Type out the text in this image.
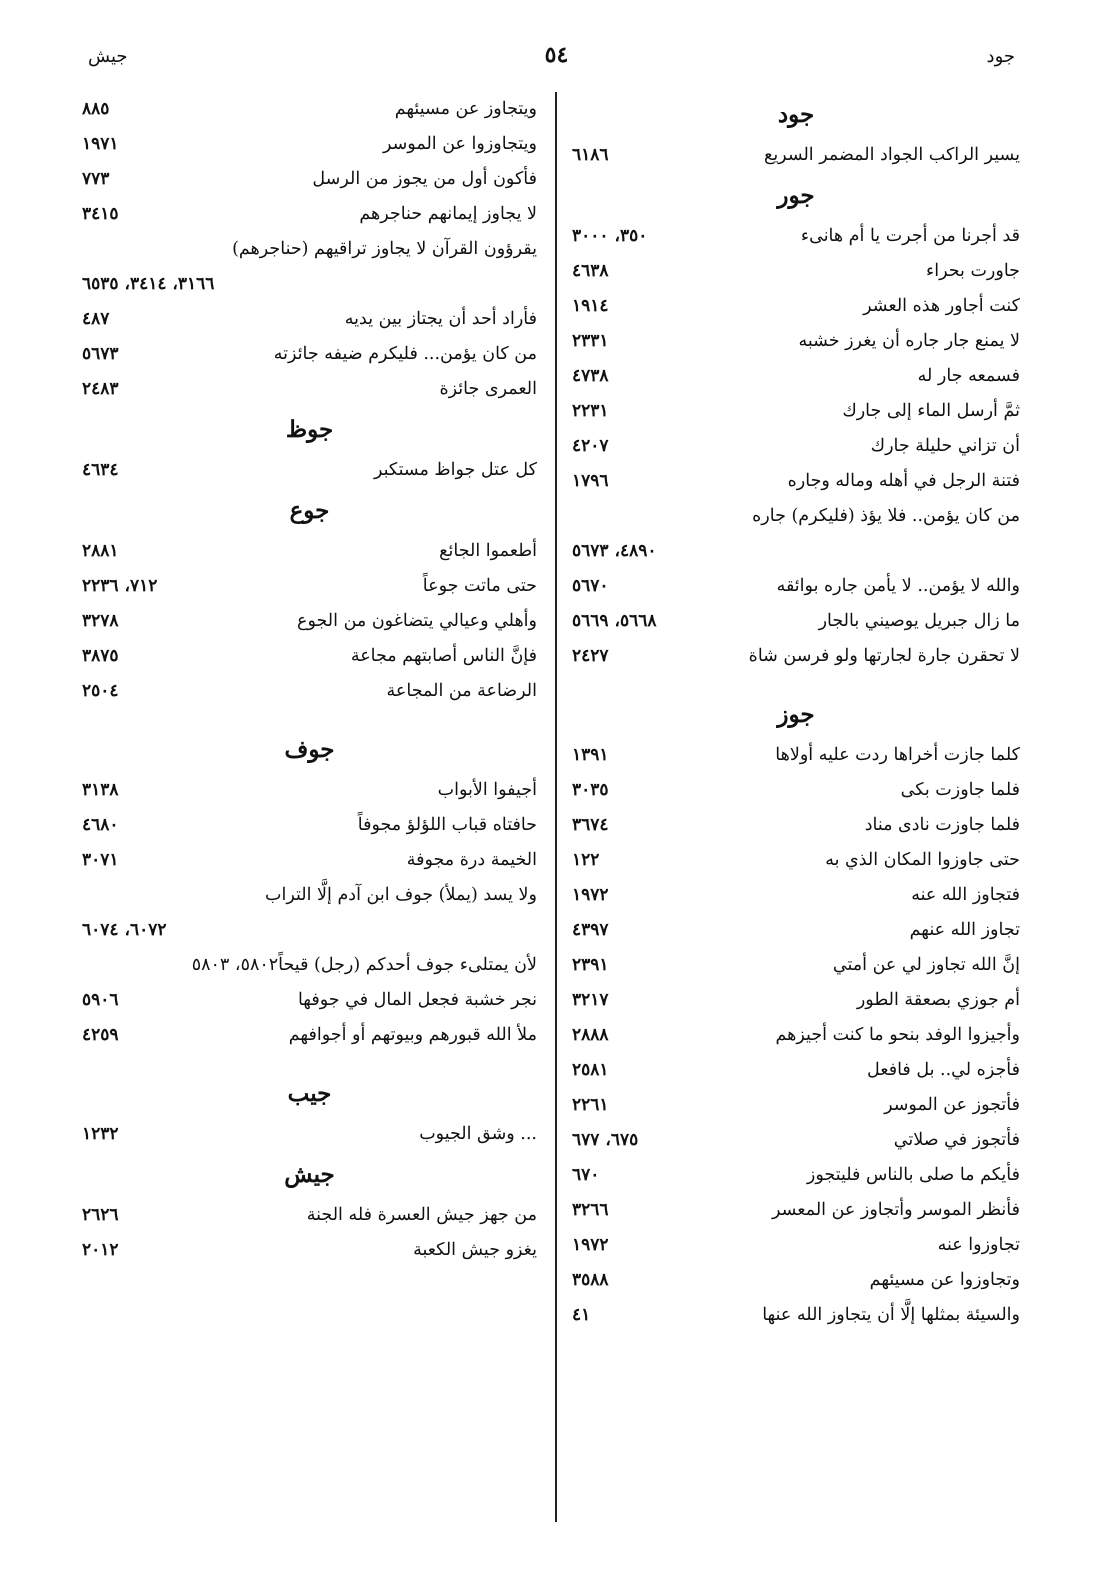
جود
٥٤
جيش
جود
يسير الراكب الجواد المضمر السريع
٦١٨٦
جور
قد أجرنا من أجرت يا أم هانىء
٣٥٠، ٣٠٠٠
جاورت بحراء
٤٦٣٨
كنت أجاور هذه العشر
١٩١٤
لا يمنع جار جاره أن يغرز خشبه
٢٣٣١
فسمعه جار له
٤٧٣٨
ثمَّ أرسل الماء إلى جارك
٢٢٣١
أن تزاني حليلة جارك
٤٢٠٧
فتنة الرجل في أهله وماله وجاره
١٧٩٦
من كان يؤمن.. فلا يؤذ (فليكرم) جاره
٤٨٩٠، ٥٦٧٣
والله لا يؤمن.. لا يأمن جاره بوائقه
٥٦٧٠
ما زال جبريل يوصيني بالجار
٥٦٦٨، ٥٦٦٩
لا تحقرن جارة لجارتها ولو فرسن شاة
٢٤٢٧
جوز
كلما جازت أخراها ردت عليه أولاها
١٣٩١
فلما جاوزت بكى
٣٠٣٥
فلما جاوزت نادى مناد
٣٦٧٤
حتى جاوزوا المكان الذي به
١٢٢
فتجاوز الله عنه
١٩٧٢
تجاوز الله عنهم
٤٣٩٧
إنَّ الله تجاوز لي عن أمتي
٢٣٩١
أم جوزي بصعقة الطور
٣٢١٧
وأجيزوا الوفد بنحو ما كنت أجيزهم
٢٨٨٨
فأجزه لي.. بل فافعل
٢٥٨١
فأتجوز عن الموسر
٢٢٦١
فأتجوز في صلاتي
٦٧٥، ٦٧٧
فأيكم ما صلى بالناس فليتجوز
٦٧٠
فأنظر الموسر وأتجاوز عن المعسر
٣٢٦٦
تجاوزوا عنه
١٩٧٢
وتجاوزوا عن مسيئهم
٣٥٨٨
والسيئة بمثلها إلَّا أن يتجاوز الله عنها
٤١
ويتجاوز عن مسيئهم
٨٨٥
ويتجاوزوا عن الموسر
١٩٧١
فأكون أول من يجوز من الرسل
٧٧٣
لا يجاوز إيمانهم حناجرهم
٣٤١٥
يقرؤون القرآن لا يجاوز تراقيهم (حناجرهم)
٣١٦٦، ٣٤١٤، ٦٥٣٥
فأراد أحد أن يجتاز بين يديه
٤٨٧
من كان يؤمن... فليكرم ضيفه جائزته
٥٦٧٣
العمرى جائزة
٢٤٨٣
جوظ
كل عتل جواظ مستكبر
٤٦٣٤
جوع
أطعموا الجائع
٢٨٨١
حتى ماتت جوعاً
٧١٢، ٢٢٣٦
وأهلي وعيالي يتضاغون من الجوع
٣٢٧٨
فإنَّ الناس أصابتهم مجاعة
٣٨٧٥
الرضاعة من المجاعة
٢٥٠٤
جوف
أجيفوا الأبواب
٣١٣٨
حافتاه قباب اللؤلؤ مجوفاً
٤٦٨٠
الخيمة درة مجوفة
٣٠٧١
ولا يسد (يملأ) جوف ابن آدم إلَّا التراب
٦٠٧٢، ٦٠٧٤
لأن يمتلىء جوف أحدكم (رجل) قيحاً٥٨٠٢، ٥٨٠٣
نجر خشبة فجعل المال في جوفها
٥٩٠٦
ملأ الله قبورهم وبيوتهم أو أجوافهم
٤٢٥٩
جيب
... وشق الجيوب
١٢٣٢
جيش
من جهز جيش العسرة فله الجنة
٢٦٢٦
يغزو جيش الكعبة
٢٠١٢
